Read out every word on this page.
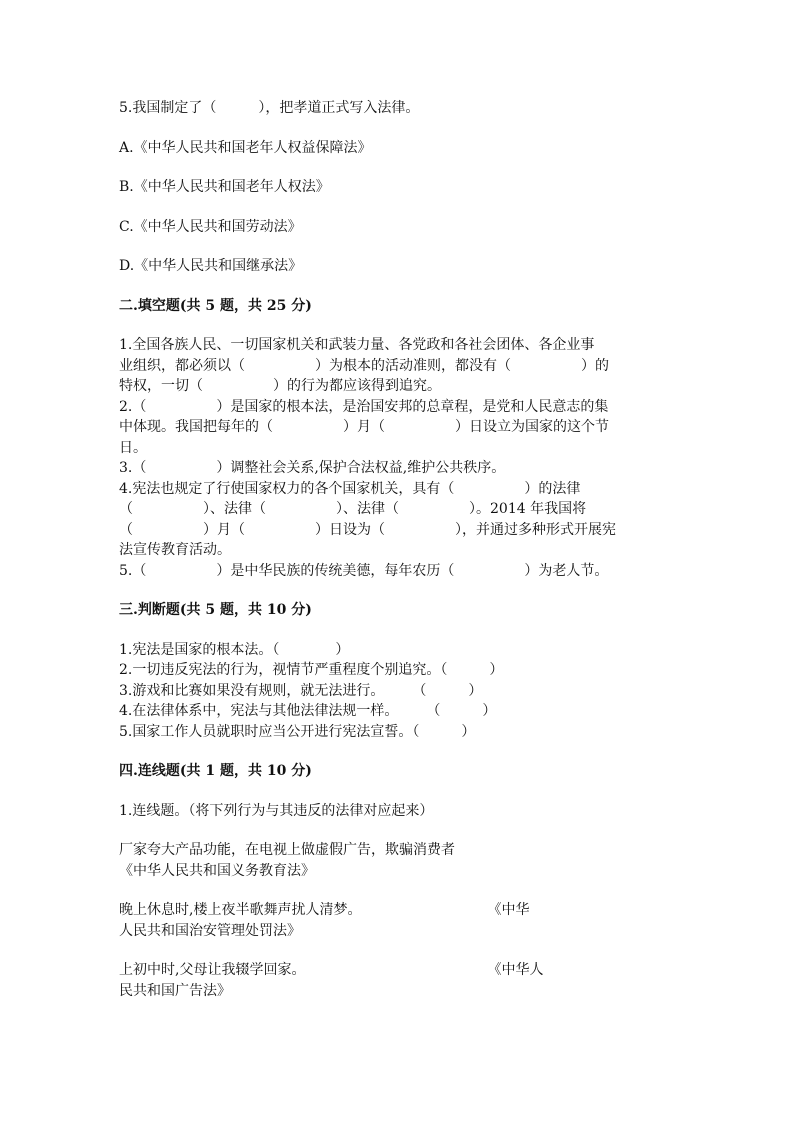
5.我国制定了（　　　），把孝道正式写入法律。

A.《中华人民共和国老年人权益保障法》

B.《中华人民共和国老年人权法》

C.《中华人民共和国劳动法》

D.《中华人民共和国继承法》

二.填空题(共 5 题，共 25 分)

1.全国各族人民、一切国家机关和武装力量、各党政和各社会团体、各企业事

业组织，都必须以（　　　　　）为根本的活动准则，都没有（　　　　　）的

特权，一切（　　　　　）的行为都应该得到追究。

2.（　　　　　）是国家的根本法，是治国安邦的总章程，是党和人民意志的集

中体现。我国把每年的（　　　　　）月（　　　　　）日设立为国家的这个节

日。

3.（　　　　　）调整社会关系,保护合法权益,维护公共秩序。

4.宪法也规定了行使国家权力的各个国家机关，具有（　　　　　）的法律

（　　　　　）、法律（　　　　　）、法律（　　　　　）。2014 年我国将

（　　　　　）月（　　　　　）日设为（　　　　　），并通过多种形式开展宪

法宣传教育活动。

5.（　　　　　）是中华民族的传统美德，每年农历（　　　　　）为老人节。

三.判断题(共 5 题，共 10 分)

1.宪法是国家的根本法。（　　　　）

2.一切违反宪法的行为，视情节严重程度个别追究。（　　　）

3.游戏和比赛如果没有规则，就无法进行。　　　（　　　）

4.在法律体系中，宪法与其他法律法规一样。　　　（　　　）

5.国家工作人员就职时应当公开进行宪法宣誓。（　　　）

四.连线题(共 1 题，共 10 分)

1.连线题。（将下列行为与其违反的法律对应起来）

厂家夸大产品功能，在电视上做虚假广告，欺骗消费者

《中华人民共和国义务教育法》

晚上休息时,楼上夜半歌舞声扰人清梦。　　　　　　　　　　《中华

人民共和国治安管理处罚法》

上初中时,父母让我辍学回家。　　　　　　　　　　　　　　《中华人

民共和国广告法》
